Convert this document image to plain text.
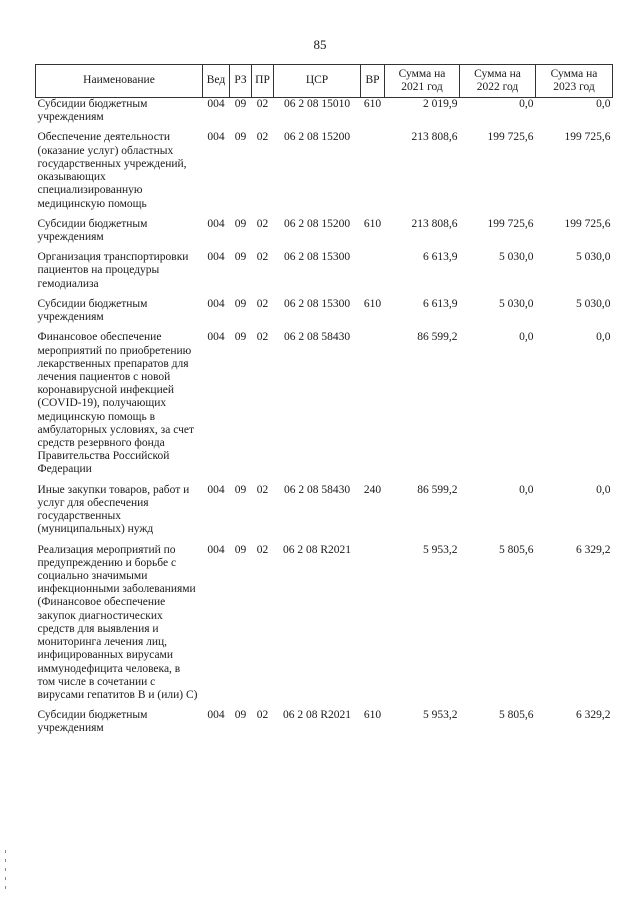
85
Наименование	Вед	РЗ	ПР	ЦСР	ВР	Сумма на 2021 год	Сумма на 2022 год	Сумма на 2023 год
Субсидии бюджетным учреждениям	004	09	02	06 2 08 15010	610	2 019,9	0,0	0,0
Обеспечение деятельности (оказание услуг) областных государственных учреждений, оказывающих специализированную медицинскую помощь	004	09	02	06 2 08 15200		213 808,6	199 725,6	199 725,6
Субсидии бюджетным учреждениям	004	09	02	06 2 08 15200	610	213 808,6	199 725,6	199 725,6
Организация транспортировки пациентов на процедуры гемодиализа	004	09	02	06 2 08 15300		6 613,9	5 030,0	5 030,0
Субсидии бюджетным учреждениям	004	09	02	06 2 08 15300	610	6 613,9	5 030,0	5 030,0
Финансовое обеспечение мероприятий по приобретению лекарственных препаратов для лечения пациентов с новой коронавирусной инфекцией (COVID-19), получающих медицинскую помощь в амбулаторных условиях, за счет средств резервного фонда Правительства Российской Федерации	004	09	02	06 2 08 58430		86 599,2	0,0	0,0
Иные закупки товаров, работ и услуг для обеспечения государственных (муниципальных) нужд	004	09	02	06 2 08 58430	240	86 599,2	0,0	0,0
Реализация мероприятий по предупреждению и борьбе с социально значимыми инфекционными заболеваниями (Финансовое обеспечение закупок диагностических средств для выявления и мониторинга лечения лиц, инфицированных вирусами иммунодефицита человека, в том числе в сочетании с вирусами гепатитов В и (или) С)	004	09	02	06 2 08 R2021		5 953,2	5 805,6	6 329,2
Субсидии бюджетным учреждениям	004	09	02	06 2 08 R2021	610	5 953,2	5 805,6	6 329,2
